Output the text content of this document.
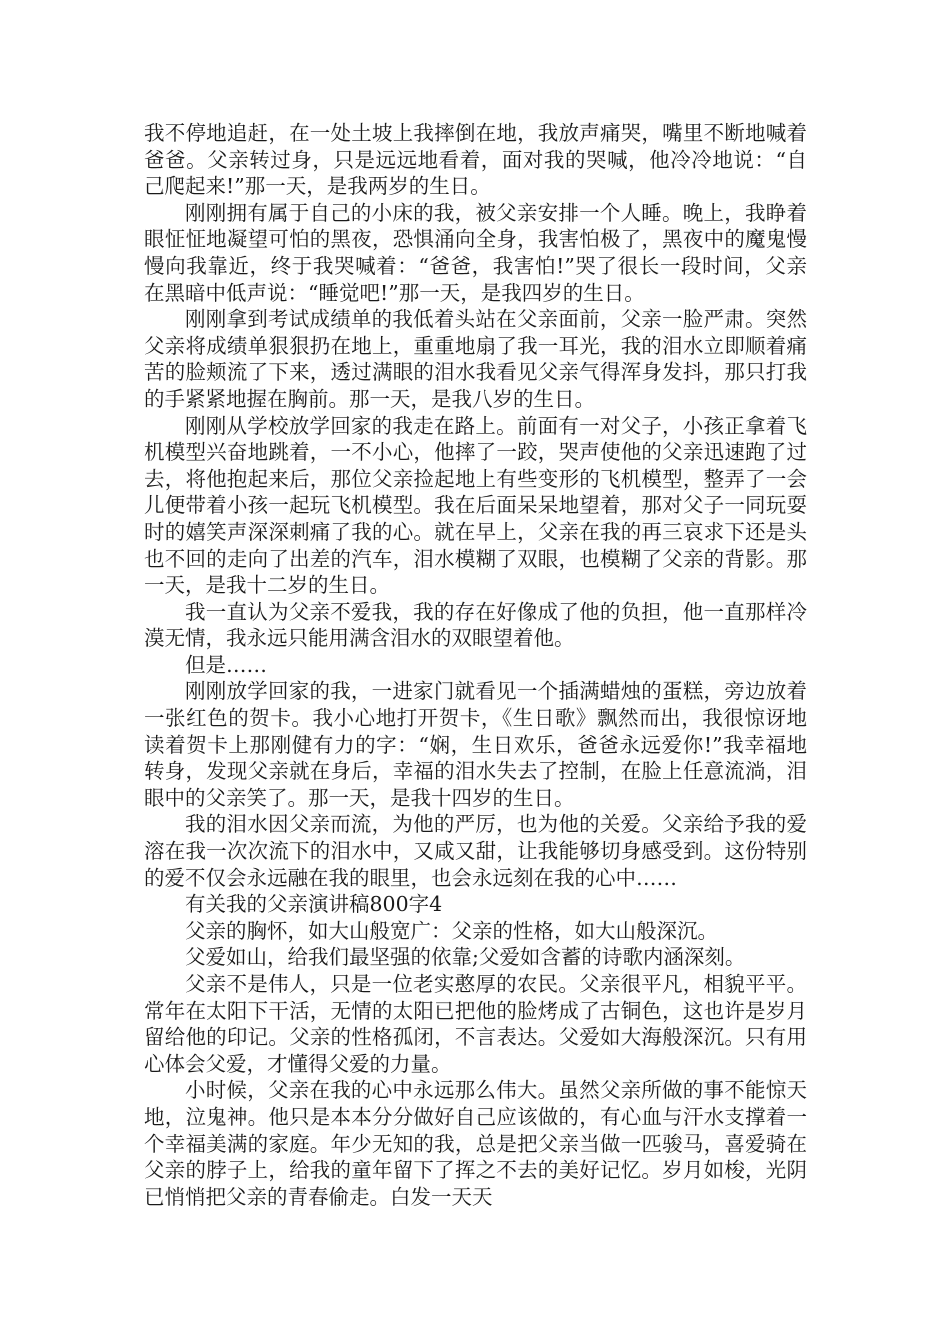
我不停地追赶，在一处土坡上我摔倒在地，我放声痛哭，嘴里不断地喊着爸爸。父亲转过身，只是远远地看着，面对我的哭喊，他冷冷地说：“自己爬起来!”那一天，是我两岁的生日。

刚刚拥有属于自己的小床的我，被父亲安排一个人睡。晚上，我睁着眼怔怔地凝望可怕的黑夜，恐惧涌向全身，我害怕极了，黑夜中的魔鬼慢慢向我靠近，终于我哭喊着：“爸爸，我害怕!”哭了很长一段时间，父亲在黑暗中低声说：“睡觉吧!”那一天，是我四岁的生日。

刚刚拿到考试成绩单的我低着头站在父亲面前，父亲一脸严肃。突然父亲将成绩单狠狠扔在地上，重重地扇了我一耳光，我的泪水立即顺着痛苦的脸颊流了下来，透过满眼的泪水我看见父亲气得浑身发抖，那只打我的手紧紧地握在胸前。那一天，是我八岁的生日。

刚刚从学校放学回家的我走在路上。前面有一对父子，小孩正拿着飞机模型兴奋地跳着，一不小心，他摔了一跤，哭声使他的父亲迅速跑了过去，将他抱起来后，那位父亲捡起地上有些变形的飞机模型，整弄了一会儿便带着小孩一起玩飞机模型。我在后面呆呆地望着，那对父子一同玩耍时的嬉笑声深深刺痛了我的心。就在早上，父亲在我的再三哀求下还是头也不回的走向了出差的汽车，泪水模糊了双眼，也模糊了父亲的背影。那一天，是我十二岁的生日。

我一直认为父亲不爱我，我的存在好像成了他的负担，他一直那样冷漠无情，我永远只能用满含泪水的双眼望着他。

但是……

刚刚放学回家的我，一进家门就看见一个插满蜡烛的蛋糕，旁边放着一张红色的贺卡。我小心地打开贺卡，《生日歌》飘然而出，我很惊讶地读着贺卡上那刚健有力的字：“娴，生日欢乐，爸爸永远爱你!”我幸福地转身，发现父亲就在身后，幸福的泪水失去了控制，在脸上任意流淌，泪眼中的父亲笑了。那一天，是我十四岁的生日。

我的泪水因父亲而流，为他的严厉，也为他的关爱。父亲给予我的爱溶在我一次次流下的泪水中，又咸又甜，让我能够切身感受到。这份特别的爱不仅会永远融在我的眼里，也会永远刻在我的心中……

有关我的父亲演讲稿800字4

父亲的胸怀，如大山般宽广：父亲的性格，如大山般深沉。

父爱如山，给我们最坚强的依靠;父爱如含蓄的诗歌内涵深刻。

父亲不是伟人，只是一位老实憨厚的农民。父亲很平凡，相貌平平。常年在太阳下干活，无情的太阳已把他的脸烤成了古铜色，这也许是岁月留给他的印记。父亲的性格孤闭，不言表达。父爱如大海般深沉。只有用心体会父爱，才懂得父爱的力量。

小时候，父亲在我的心中永远那么伟大。虽然父亲所做的事不能惊天地，泣鬼神。他只是本本分分做好自己应该做的，有心血与汗水支撑着一个幸福美满的家庭。年少无知的我，总是把父亲当做一匹骏马，喜爱骑在父亲的脖子上，给我的童年留下了挥之不去的美好记忆。岁月如梭，光阴已悄悄把父亲的青春偷走。白发一天天
